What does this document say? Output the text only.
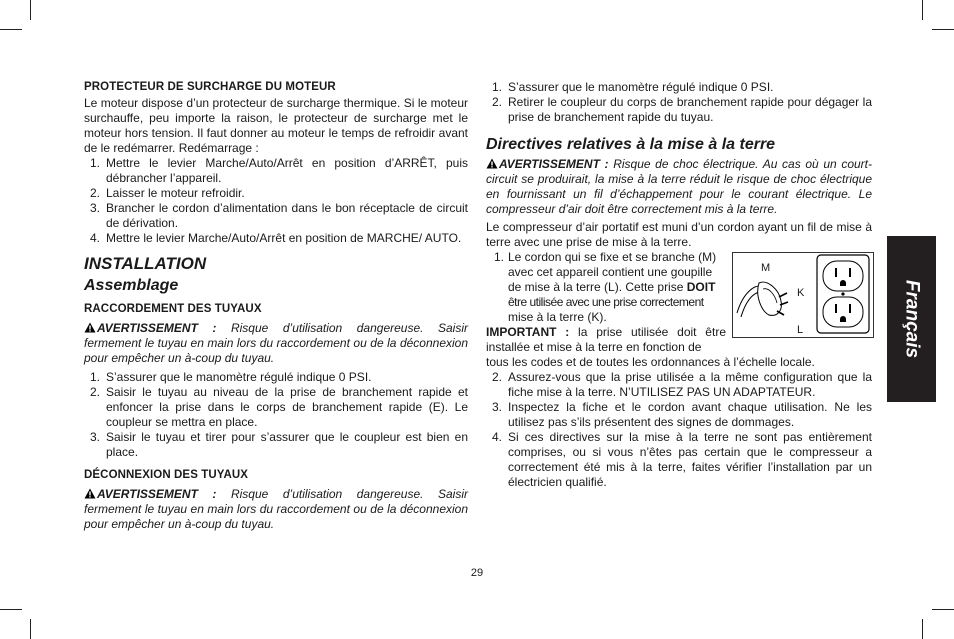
PROTECTEUR DE SURCHARGE DU MOTEUR

Le moteur dispose d’un protecteur de surcharge thermique. Si le moteur surchauffe, peu importe la raison, le protecteur de surcharge met le moteur hors tension. Il faut donner au moteur le temps de refroidir avant de le redémarrer. Redémarrage :

1. Mettre le levier Marche/Auto/Arrêt en position d’ARRÊT, puis débrancher l’appareil.
2. Laisser le moteur refroidir.
3. Brancher le cordon d’alimentation dans le bon réceptacle de circuit de dérivation.
4. Mettre le levier Marche/Auto/Arrêt en position de MARCHE/ AUTO.
INSTALLATION
Assemblage

RACCORDEMENT DES TUYAUX

AVERTISSEMENT : Risque d’utilisation dangereuse. Saisir fermement le tuyau en main lors du raccordement ou de la déconnexion pour empêcher un à-coup du tuyau.

1. S’assurer que le manomètre régulé indique 0 PSI.
2. Saisir le tuyau au niveau de la prise de branchement rapide et enfoncer la prise dans le corps de branchement rapide (E). Le coupleur se mettra en place.
3. Saisir le tuyau et tirer pour s’assurer que le coupleur est bien en place.

DÉCONNEXION DES TUYAUX

AVERTISSEMENT : Risque d’utilisation dangereuse. Saisir fermement le tuyau en main lors du raccordement ou de la déconnexion pour empêcher un à-coup du tuyau.

1. S’assurer que le manomètre régulé indique 0 PSI.
2. Retirer le coupleur du corps de branchement rapide pour dégager la prise de branchement rapide du tuyau.
Directives relatives à la mise à la terre

AVERTISSEMENT : Risque de choc électrique. Au cas où un court-circuit se produirait, la mise à la terre réduit le risque de choc électrique en fournissant un fil d’échappement pour le courant électrique. Le compresseur d’air doit être correctement mis à la terre.

Le compresseur d’air portatif est muni d’un cordon ayant un fil de mise à terre avec une prise de mise à la terre.

1. Le cordon qui se fixe et se branche (M)
avec cet appareil contient une goupille
de mise à la terre (L). Cette prise DOIT
être utilisée avec une prise correctement
mise à la terre (K).
IMPORTANT : la prise utilisée doit être
installée et mise à la terre en fonction de
tous les codes et de toutes les ordonnances à l’échelle locale.
M
K
L
2. Assurez-vous que la prise utilisée a la même configuration que la fiche mise à la terre. N’UTILISEZ PAS UN ADAPTATEUR.
3. Inspectez la fiche et le cordon avant chaque utilisation. Ne les utilisez pas s’ils présentent des signes de dommages.
4. Si ces directives sur la mise à la terre ne sont pas entièrement comprises, ou si vous n’êtes pas certain que le compresseur a correctement été mis à la terre, faites vérifier l’installation par un électricien qualifié.
Français
29
